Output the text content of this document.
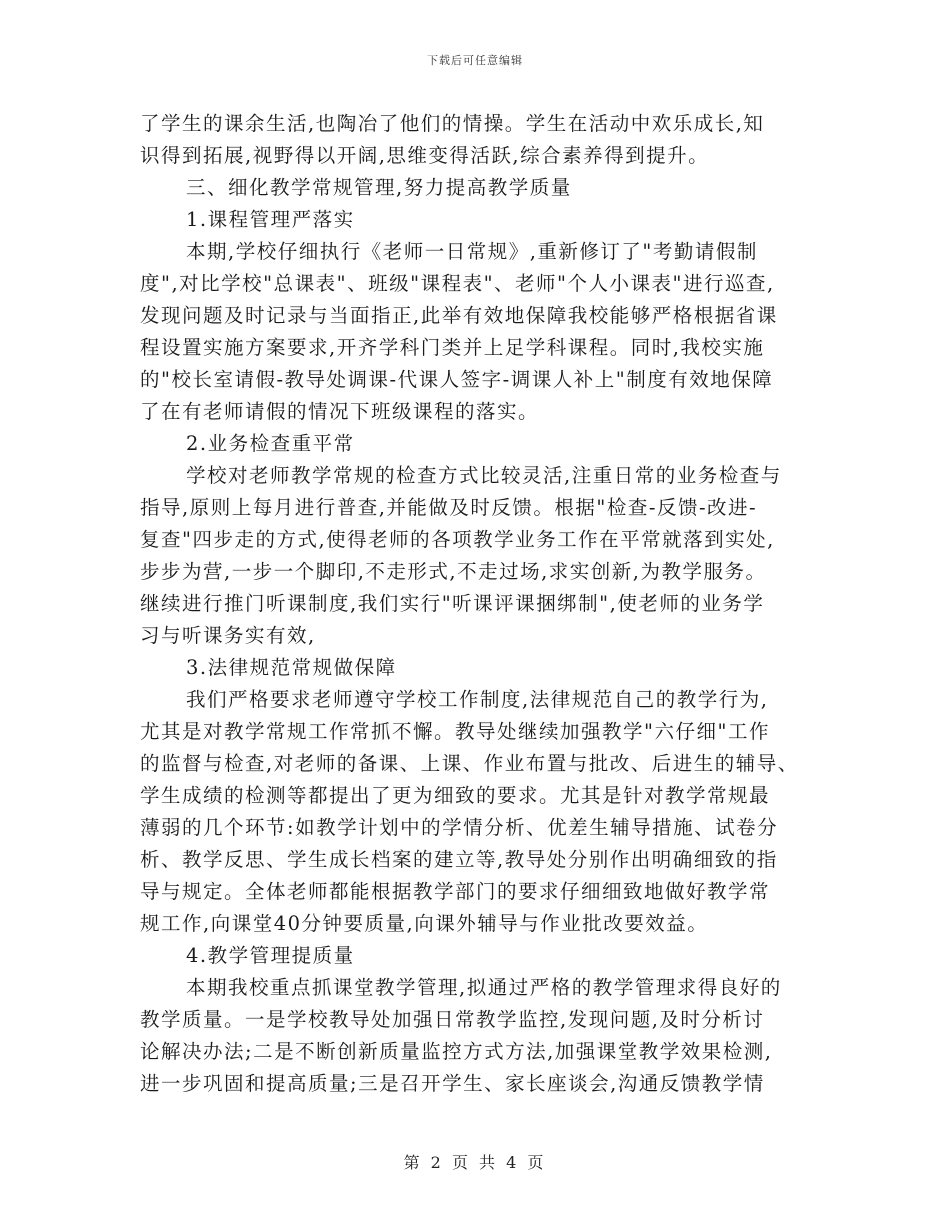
下载后可任意编辑
了学生的课余生活,也陶冶了他们的情操。学生在活动中欢乐成长,知
识得到拓展,视野得以开阔,思维变得活跃,综合素养得到提升。
三、细化教学常规管理,努力提高教学质量
1.课程管理严落实
本期,学校仔细执行《老师一日常规》,重新修订了"考勤请假制
度",对比学校"总课表"、班级"课程表"、老师"个人小课表"进行巡查,
发现问题及时记录与当面指正,此举有效地保障我校能够严格根据省课
程设置实施方案要求,开齐学科门类并上足学科课程。同时,我校实施
的"校长室请假-教导处调课-代课人签字-调课人补上"制度有效地保障
了在有老师请假的情况下班级课程的落实。
2.业务检查重平常
学校对老师教学常规的检查方式比较灵活,注重日常的业务检查与
指导,原则上每月进行普查,并能做及时反馈。根据"检查-反馈-改进-
复查"四步走的方式,使得老师的各项教学业务工作在平常就落到实处,
步步为营,一步一个脚印,不走形式,不走过场,求实创新,为教学服务。
继续进行推门听课制度,我们实行"听课评课捆绑制",使老师的业务学
习与听课务实有效,
3.法律规范常规做保障
我们严格要求老师遵守学校工作制度,法律规范自己的教学行为,
尤其是对教学常规工作常抓不懈。教导处继续加强教学"六仔细"工作
的监督与检查,对老师的备课、上课、作业布置与批改、后进生的辅导、
学生成绩的检测等都提出了更为细致的要求。尤其是针对教学常规最
薄弱的几个环节:如教学计划中的学情分析、优差生辅导措施、试卷分
析、教学反思、学生成长档案的建立等,教导处分别作出明确细致的指
导与规定。全体老师都能根据教学部门的要求仔细细致地做好教学常
规工作,向课堂40分钟要质量,向课外辅导与作业批改要效益。
4.教学管理提质量
本期我校重点抓课堂教学管理,拟通过严格的教学管理求得良好的
教学质量。一是学校教导处加强日常教学监控,发现问题,及时分析讨
论解决办法;二是不断创新质量监控方式方法,加强课堂教学效果检测,
进一步巩固和提高质量;三是召开学生、家长座谈会,沟通反馈教学情
第 2 页 共 4 页
